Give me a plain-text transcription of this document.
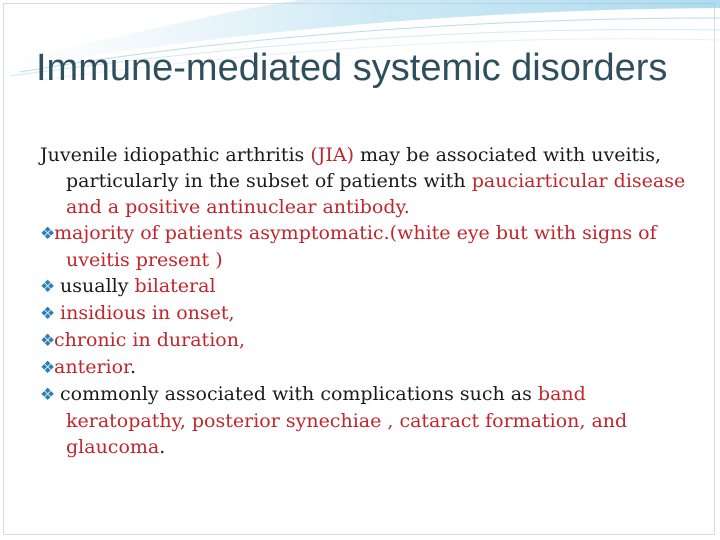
Immune-mediated systemic disorders

Juvenile idiopathic arthritis (JIA) may be associated with uveitis, particularly in the subset of patients with pauciarticular disease and a positive antinuclear antibody.

❖majority of patients asymptomatic.(white eye but with signs of uveitis present )

❖ usually bilateral

❖ insidious in onset,

❖chronic in duration,

❖anterior.

❖ commonly associated with complications such as band keratopathy, posterior synechiae , cataract formation, and glaucoma.
